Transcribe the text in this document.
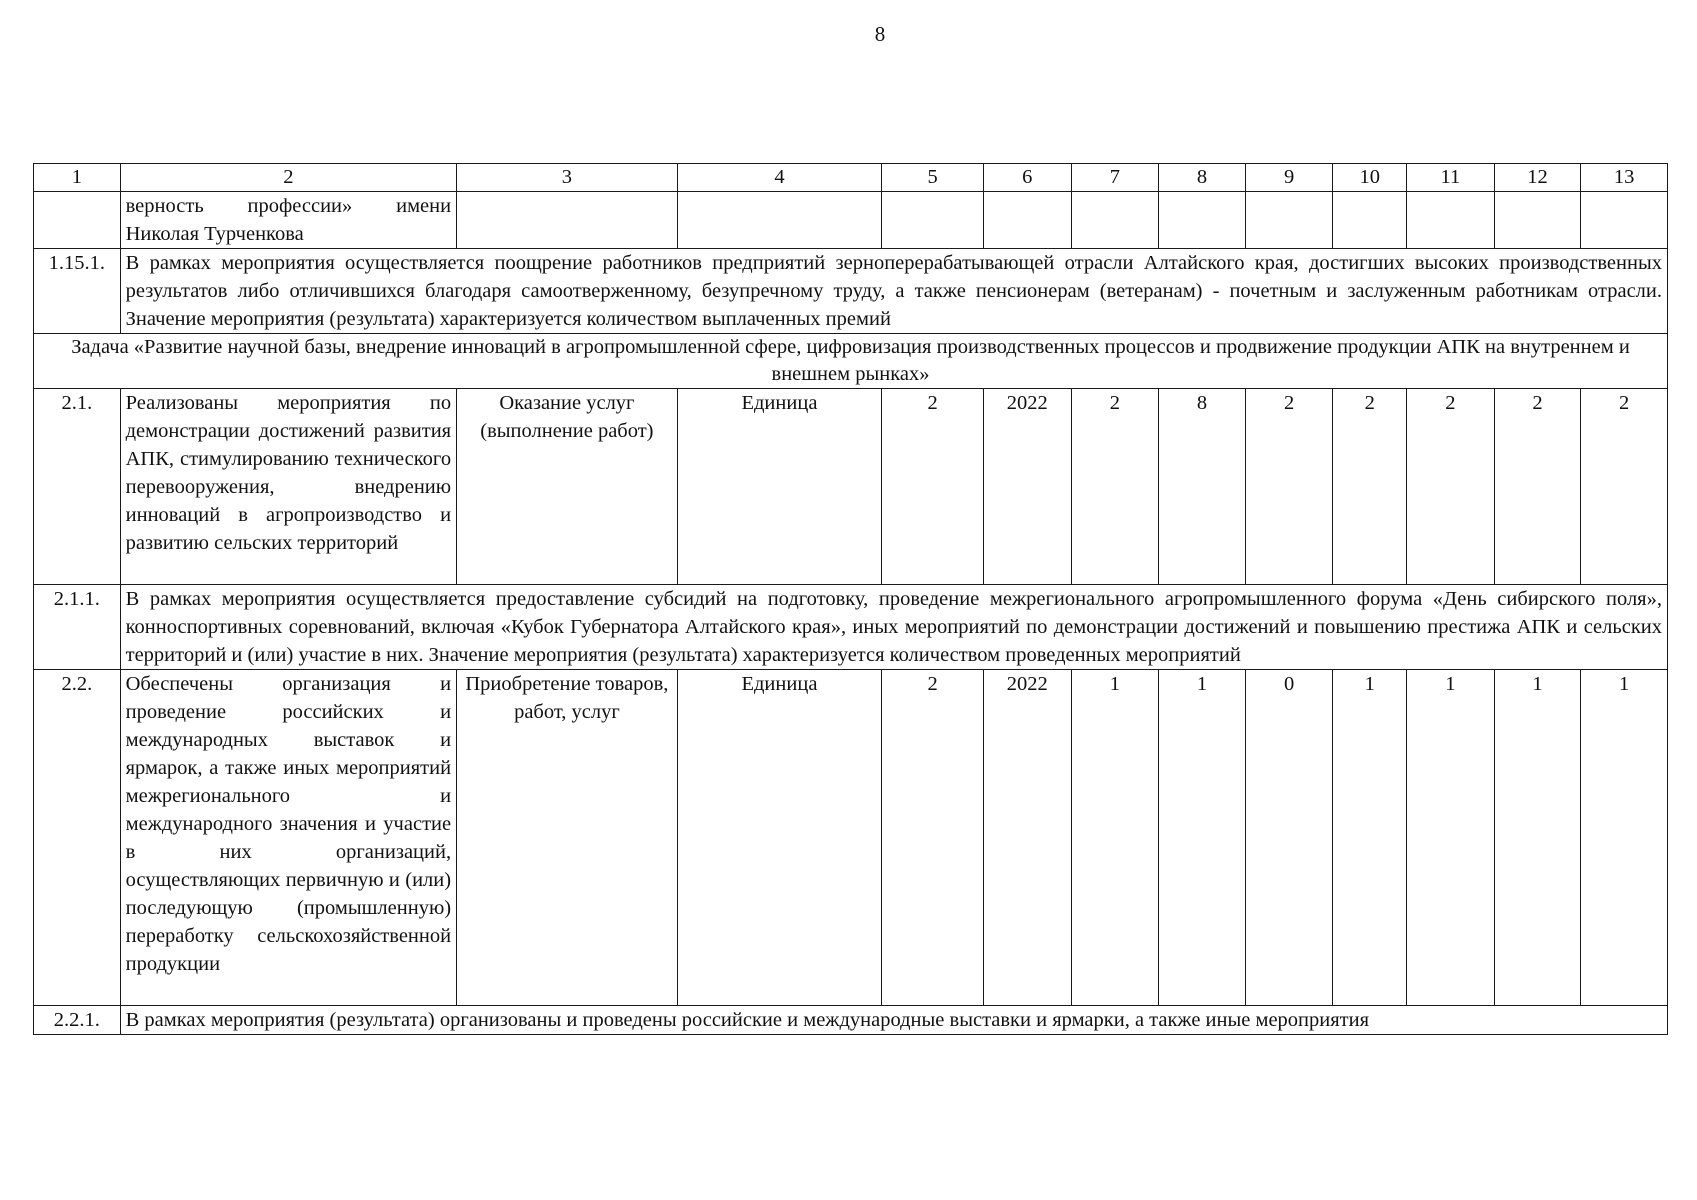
8
1	2	3	4	5	6	7	8	9	10	11	12	13
	верность профессии» имени Николая Турченкова											
1.15.1.	В рамках мероприятия осуществляется поощрение работников предприятий зерноперерабатывающей отрасли Алтайского края, достигших высоких производственных результатов либо отличившихся благодаря самоотверженному, безупречному труду, а также пенсионерам (ветеранам) - почетным и заслуженным работникам отрасли. Значение мероприятия (результата) характеризуется количеством выплаченных премий											
Задача «Развитие научной базы, внедрение инноваций в агропромышленной сфере, цифровизация производственных процессов и продвижение продукции АПК на внутреннем и внешнем рынках»												
2.1.	Реализованы мероприятия по демонстрации достижений развития АПК, стимулированию технического перевооружения, внедрению инноваций в агропроизводство и развитию сельских территорий	Оказание услуг (выполнение работ)	Единица	2	2022	2	8	2	2	2	2	2
2.1.1.	В рамках мероприятия осуществляется предоставление субсидий на подготовку, проведение межрегионального агропромышленного форума «День сибирского поля», конноспортивных соревнований, включая «Кубок Губернатора Алтайского края», иных мероприятий по демонстрации достижений и повышению престижа АПК и сельских территорий и (или) участие в них. Значение мероприятия (результата) характеризуется количеством проведенных мероприятий											
2.2.	Обеспечены организация и проведение российских и международных выставок и ярмарок, а также иных мероприятий межрегионального и международного значения и участие в них организаций, осуществляющих первичную и (или) последующую (промышленную) переработку сельскохозяйственной продукции	Приобретение товаров, работ, услуг	Единица	2	2022	1	1	0	1	1	1	1
2.2.1.	В рамках мероприятия (результата) организованы и проведены российские и международные выставки и ярмарки, а также иные мероприятия											
